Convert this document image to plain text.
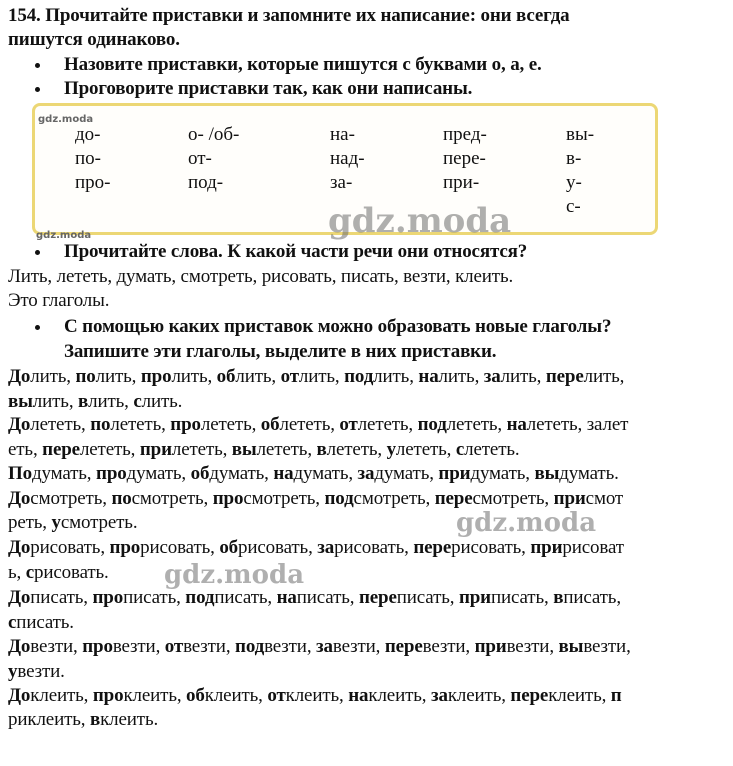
154. Прочитайте приставки и запомните их написание: они всегда
пишутся одинаково.
Назовите приставки, которые пишутся с буквами о, а, е.
Проговорите приставки так, как они написаны.
gdz.moda
до-
по-
про-
о- /об-
от-
под-
на-
над-
за-
пред-
пере-
при-
вы-
в-
у-
с-
gdz.moda
gdz.moda
Прочитайте слова. К какой части речи они относятся?
Лить, лететь, думать, смотреть, рисовать, писать, везти, клеить.
Это глаголы.
С помощью каких приставок можно образовать новые глаголы?
Запишите эти глаголы, выделите в них приставки.
Долить, полить, пролить, облить, отлить, подлить, налить, залить, перелить,
вылить, влить, слить.
Долететь, полететь, пролететь, облететь, отлететь, подлететь, налететь, залет
еть, перелететь, прилететь, вылететь, влететь, улететь, слететь.
Подумать, продумать, обдумать, надумать, задумать, придумать, выдумать.
Досмотреть, посмотреть, просмотреть, подсмотреть, пересмотреть, присмот
реть, усмотреть.
Дорисовать, прорисовать, обрисовать, зарисовать, перерисовать, пририсоват
ь, срисовать.
Дописать, прописать, подписать, написать, переписать, приписать, вписать,
списать.
Довезти, провезти, отвезти, подвезти, завезти, перевезти, привезти, вывезти,
увезти.
Доклеить, проклеить, обклеить, отклеить, наклеить, заклеить, переклеить, п
риклеить, вклеить.
gdz.moda
gdz.moda
